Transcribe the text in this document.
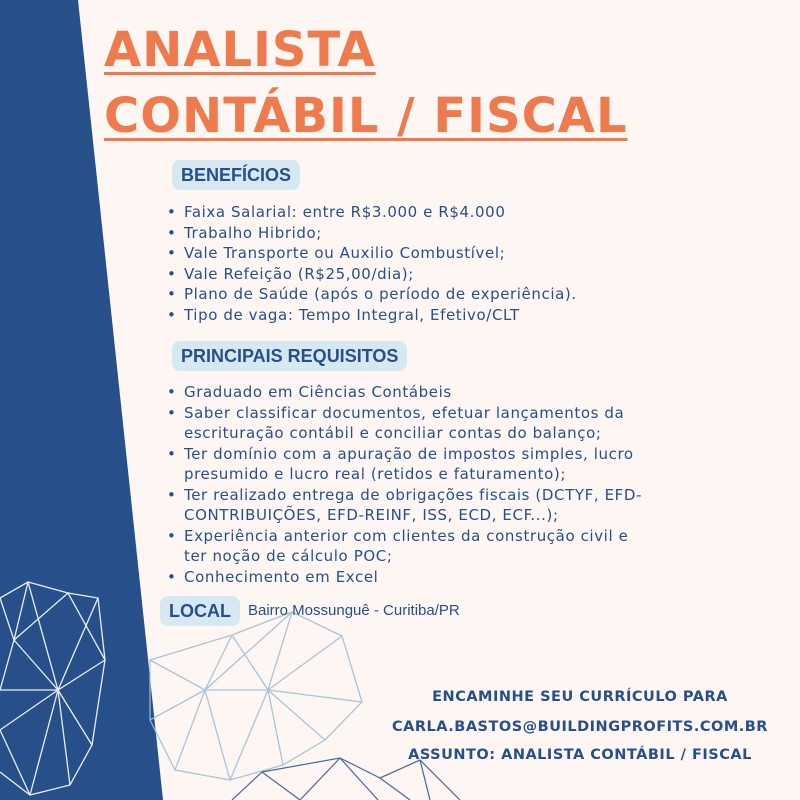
ANALISTA
CONTÁBIL / FISCAL
BENEFÍCIOS
• Faixa Salarial: entre R$3.000 e R$4.000
• Trabalho Hibrido;
• Vale Transporte ou Auxilio Combustível;
• Vale Refeição (R$25,00/dia);
• Plano de Saúde (após o período de experiência).
• Tipo de vaga: Tempo Integral, Efetivo/CLT
PRINCIPAIS REQUISITOS
• Graduado em Ciências Contábeis
• Saber classificar documentos, efetuar lançamentos da
escrituração contábil e conciliar contas do balanço;
• Ter domínio com a apuração de impostos simples, lucro
presumido e lucro real (retidos e faturamento);
• Ter realizado entrega de obrigações fiscais (DCTYF, EFD-
CONTRIBUIÇÕES, EFD-REINF, ISS, ECD, ECF...);
• Experiência anterior com clientes da construção civil e
ter noção de cálculo POC;
• Conhecimento em Excel
LOCAL	Bairro Mossunguê - Curitiba/PR
ENCAMINHE SEU CURRÍCULO PARA
CARLA.BASTOS@BUILDINGPROFITS.COM.BR
ASSUNTO: ANALISTA CONTÁBIL / FISCAL
